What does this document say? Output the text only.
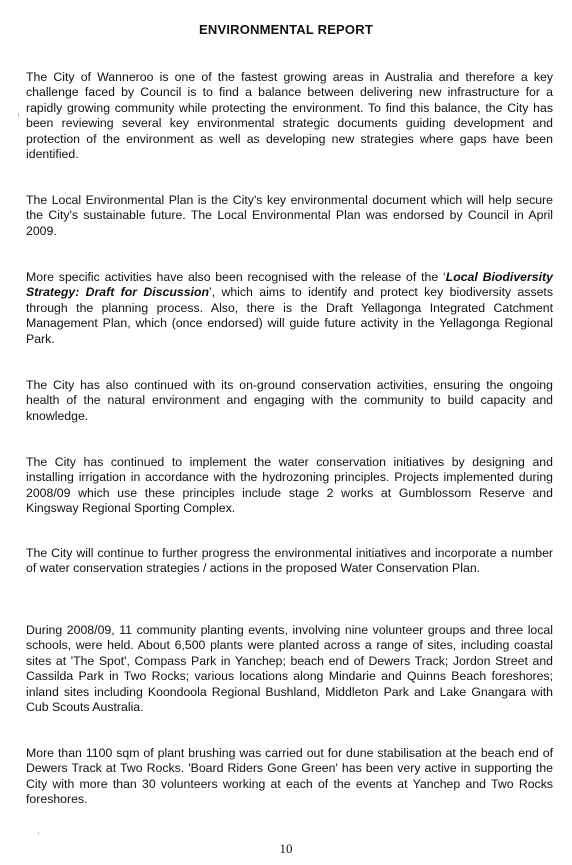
ENVIRONMENTAL REPORT

The City of Wanneroo is one of the fastest growing areas in Australia and therefore a key challenge faced by Council is to find a balance between delivering new infrastructure for a rapidly growing community while protecting the environment. To find this balance, the City has been reviewing several key environmental strategic documents guiding development and protection of the environment as well as developing new strategies where gaps have been identified.

The Local Environmental Plan is the City's key environmental document which will help secure the City's sustainable future. The Local Environmental Plan was endorsed by Council in April 2009.

More specific activities have also been recognised with the release of the ‘Local Biodiversity Strategy: Draft for Discussion’, which aims to identify and protect key biodiversity assets through the planning process. Also, there is the Draft Yellagonga Integrated Catchment Management Plan, which (once endorsed) will guide future activity in the Yellagonga Regional Park.

The City has also continued with its on-ground conservation activities, ensuring the ongoing health of the natural environment and engaging with the community to build capacity and knowledge.

The City has continued to implement the water conservation initiatives by designing and installing irrigation in accordance with the hydrozoning principles. Projects implemented during 2008/09 which use these principles include stage 2 works at Gumblossom Reserve and Kingsway Regional Sporting Complex.

The City will continue to further progress the environmental initiatives and incorporate a number of water conservation strategies / actions in the proposed Water Conservation Plan.

During 2008/09, 11 community planting events, involving nine volunteer groups and three local schools, were held. About 6,500 plants were planted across a range of sites, including coastal sites at 'The Spot', Compass Park in Yanchep; beach end of Dewers Track; Jordon Street and Cassilda Park in Two Rocks; various locations along Mindarie and Quinns Beach foreshores; inland sites including Koondoola Regional Bushland, Middleton Park and Lake Gnangara with Cub Scouts Australia.

More than 1100 sqm of plant brushing was carried out for dune stabilisation at the beach end of Dewers Track at Two Rocks. 'Board Riders Gone Green' has been very active in supporting the City with more than 30 volunteers working at each of the events at Yanchep and Two Rocks foreshores.

10
